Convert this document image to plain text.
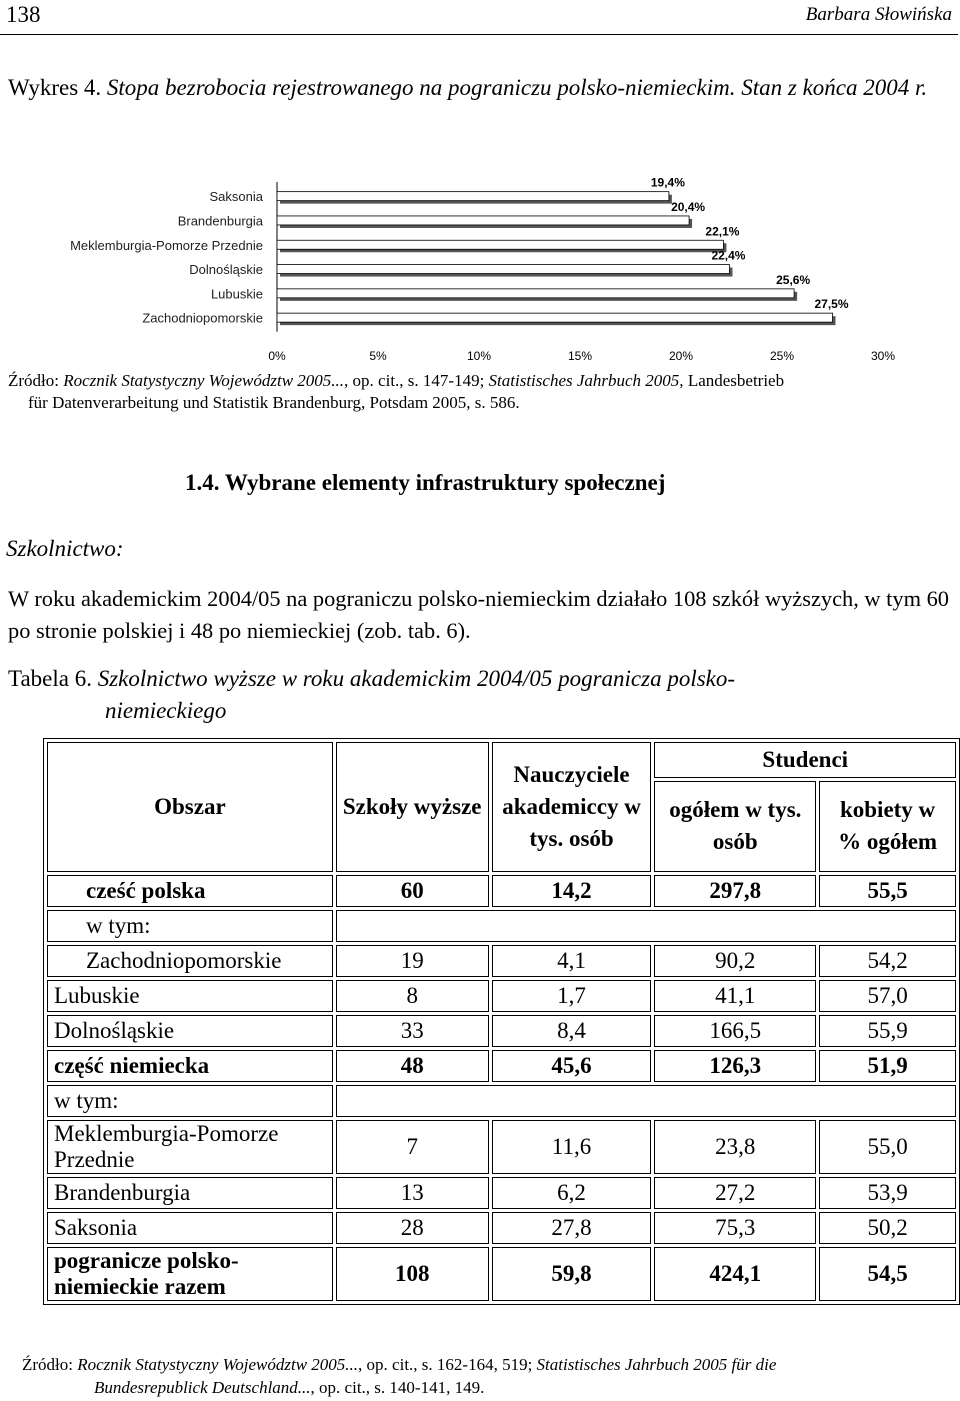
138	Barbara Słowińska
Wykres 4. Stopa bezrobocia rejestrowanego na pograniczu polsko-niemieckim. Stan z końca 2004 r.
Saksonia
19,4%
Brandenburgia
20,4%
Meklemburgia-Pomorze Przednie
22,1%
Dolnośląskie
22,4%
Lubuskie
25,6%
Zachodniopomorskie
27,5%
0%	5%	10%	15%	20%	25%	30%
Źródło: Rocznik Statystyczny Województw 2005..., op. cit., s. 147-149; Statistisches Jahrbuch 2005, Landesbetrieb
für Datenverarbeitung und Statistik Brandenburg, Potsdam 2005, s. 586.
1.4. Wybrane elementy infrastruktury społecznej
Szkolnictwo:
W roku akademickim 2004/05 na pograniczu polsko-niemieckim działało 108 szkół wyższych, w tym 60 po stronie polskiej i 48 po niemieckiej (zob. tab. 6).
Tabela 6. Szkolnictwo wyższe w roku akademickim 2004/05 pogranicza polsko-
niemieckiego
Obszar	Szkoły wyższe	Nauczyciele akademiccy w tys. osób	Studenci	
			ogółem w tys. osób	kobiety w % ogółem
cześć polska	60	14,2	297,8	55,5
w tym:				
Zachodniopomorskie	19	4,1	90,2	54,2
Lubuskie	8	1,7	41,1	57,0
Dolnośląskie	33	8,4	166,5	55,9
część niemiecka	48	45,6	126,3	51,9
w tym:				
Meklemburgia-Pomorze Przednie	7	11,6	23,8	55,0
Brandenburgia	13	6,2	27,2	53,9
Saksonia	28	27,8	75,3	50,2
pogranicze polsko-niemieckie razem	108	59,8	424,1	54,5
Źródło: Rocznik Statystyczny Województw 2005..., op. cit., s. 162-164, 519; Statistisches Jahrbuch 2005 für die
Bundesrepublick Deutschland..., op. cit., s. 140-141, 149.
